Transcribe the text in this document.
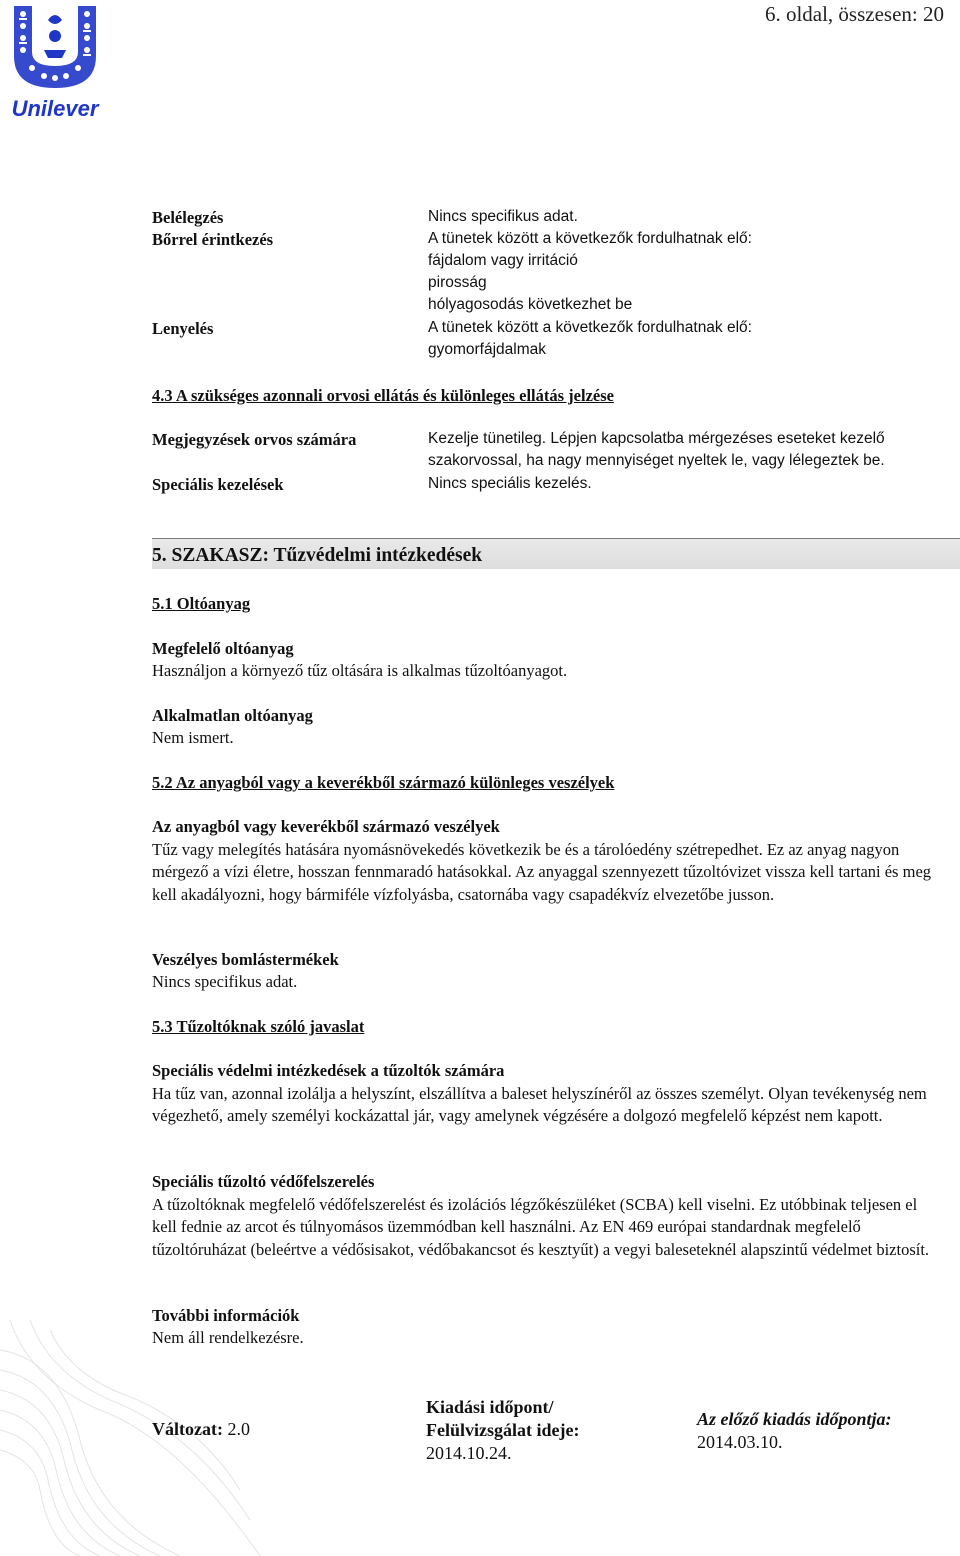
6. oldal, összesen: 20
Unilever
Belélegzés
Bőrrel érintkezés
Lenyelés
Nincs specifikus adat.
A tünetek között a következők fordulhatnak elő:
fájdalom vagy irritáció
pirosság
hólyagosodás következhet be
A tünetek között a következők fordulhatnak elő:
gyomorfájdalmak
4.3 A szükséges azonnali orvosi ellátás és különleges ellátás jelzése
Megjegyzések orvos számára	Kezelje tünetileg. Lépjen kapcsolatba mérgezéses eseteket kezelő
szakorvossal, ha nagy mennyiséget nyeltek le, vagy lélegeztek be.
Speciális kezelések	Nincs speciális kezelés.
5. SZAKASZ: Tűzvédelmi intézkedések
5.1 Oltóanyag
Megfelelő oltóanyag
Használjon a környező tűz oltására is alkalmas tűzoltóanyagot.
Alkalmatlan oltóanyag
Nem ismert.
5.2 Az anyagból vagy a keverékből származó különleges veszélyek
Az anyagból vagy keverékből származó veszélyek
Tűz vagy melegítés hatására nyomásnövekedés következik be és a tárolóedény szétrepedhet. Ez az anyag nagyon mérgező a vízi életre, hosszan fennmaradó hatásokkal. Az anyaggal szennyezett tűzoltóvizet vissza kell tartani és meg kell akadályozni, hogy bármiféle vízfolyásba, csatornába vagy csapadékvíz elvezetőbe jusson.
Veszélyes bomlástermékek
Nincs specifikus adat.
5.3 Tűzoltóknak szóló javaslat
Speciális védelmi intézkedések a tűzoltók számára
Ha tűz van, azonnal izolálja a helyszínt, elszállítva a baleset helyszínéről az összes személyt. Olyan tevékenység nem végezhető, amely személyi kockázattal jár, vagy amelynek végzésére a dolgozó megfelelő képzést nem kapott.
Speciális tűzoltó védőfelszerelés
A tűzoltóknak megfelelő védőfelszerelést és izolációs légzőkészüléket (SCBA) kell viselni. Ez utóbbinak teljesen el kell fednie az arcot és túlnyomásos üzemmódban kell használni. Az EN 469 európai standardnak megfelelő tűzoltóruházat (beleértve a védősisakot, védőbakancsot és kesztyűt) a vegyi baleseteknél alapszintű védelmet biztosít.
További információk
Nem áll rendelkezésre.
Változat: 2.0
Kiadási időpont/
Felülvizsgálat ideje:
2014.10.24.
Az előző kiadás időpontja:
2014.03.10.
